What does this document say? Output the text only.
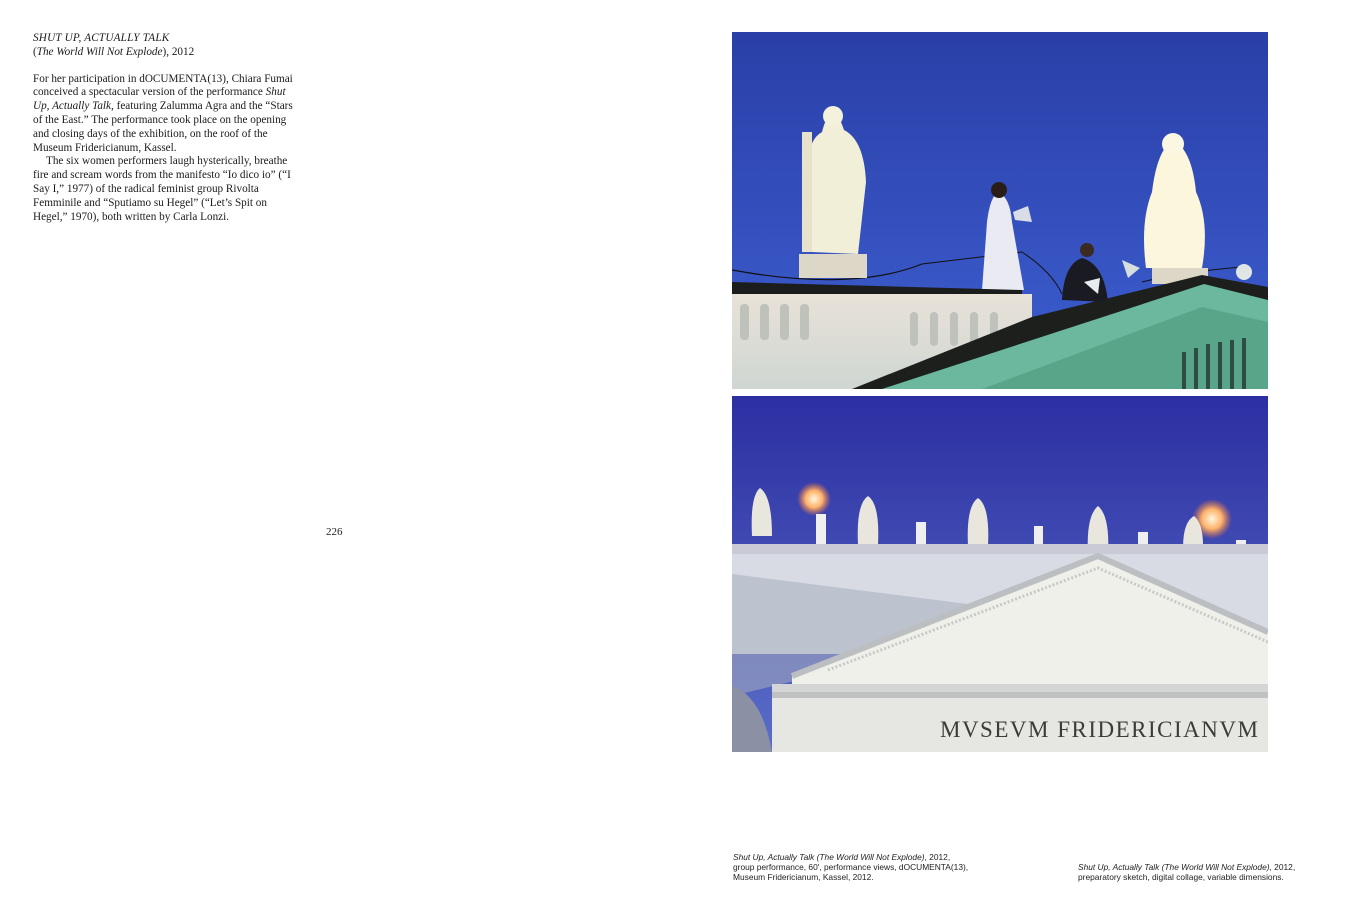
SHUT UP, ACTUALLY TALK
(The World Will Not Explode), 2012

For her participation in dOCUMENTA(13), Chiara Fumai conceived a spectacular version of the performance Shut Up, Actually Talk, featuring Zalumma Agra and the “Stars of the East.” The performance took place on the opening and closing days of the exhibition, on the roof of the Museum Fridericianum, Kassel.

The six women performers laugh hysterically, breathe fire and scream words from the manifesto “Io dico io” (“I Say I,” 1977) of the radical feminist group Rivolta Femminile and “Sputiamo su Hegel” (“Let’s Spit on Hegel,” 1970), both written by Carla Lonzi.

226
MVSEVM FRIDERICIANVM
Shut Up, Actually Talk (The World Will Not Explode), 2012,
group performance, 60', performance views, dOCUMENTA(13),
Museum Fridericianum, Kassel, 2012.
Shut Up, Actually Talk (The World Will Not Explode), 2012,
preparatory sketch, digital collage, variable dimensions.
